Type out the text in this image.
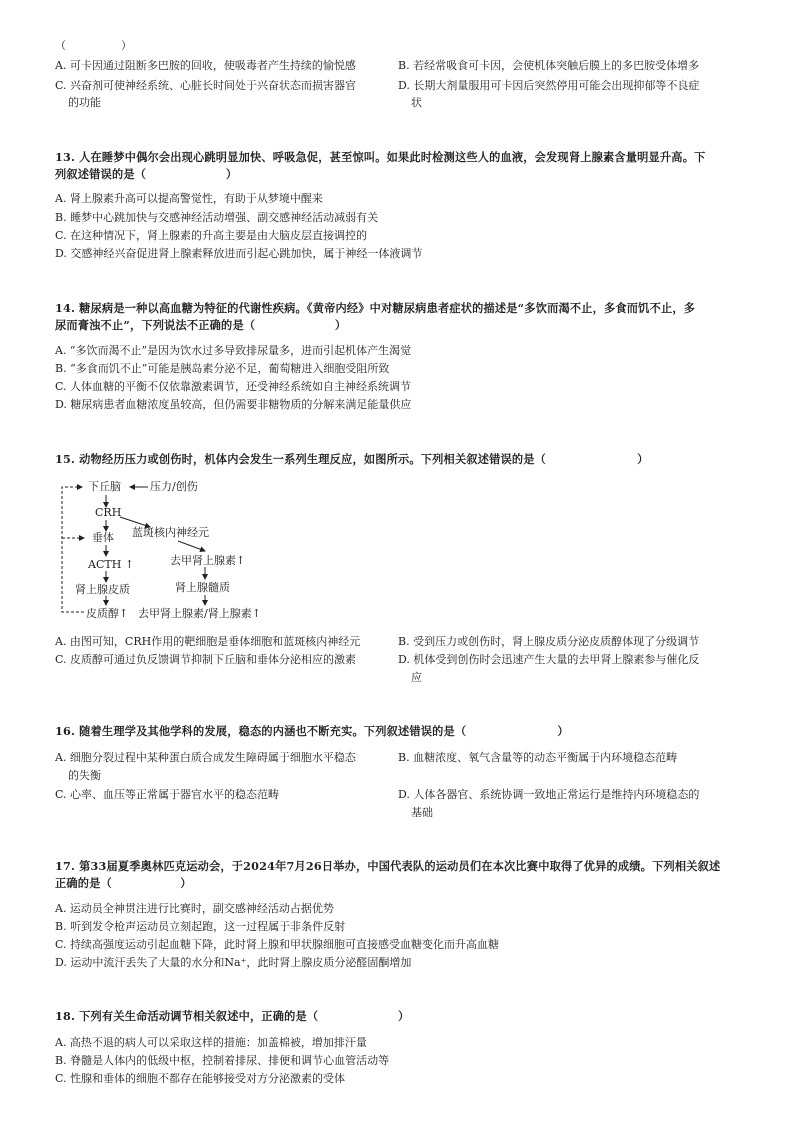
（　　　　　）
A. 可卡因通过阻断多巴胺的回收，使吸毒者产生持续的愉悦感	B. 若经常吸食可卡因，会使机体突触后膜上的多巴胺受体增多
C. 兴奋剂可使神经系统、心脏长时间处于兴奋状态而损害器官
的功能
D. 长期大剂量服用可卡因后突然停用可能会出现抑郁等不良症
状
13. 人在睡梦中偶尔会出现心跳明显加快、呼吸急促，甚至惊叫。如果此时检测这些人的血液，会发现肾上腺素含量明显升高。下
列叙述错误的是（　　　　　　　）
A. 肾上腺素升高可以提高警觉性，有助于从梦境中醒来
B. 睡梦中心跳加快与交感神经活动增强、副交感神经活动减弱有关
C. 在这种情况下，肾上腺素的升高主要是由大脑皮层直接调控的
D. 交感神经兴奋促进肾上腺素释放进而引起心跳加快，属于神经一体液调节
14. 糖尿病是一种以高血糖为特征的代谢性疾病。《黄帝内经》中对糖尿病患者症状的描述是“多饮而渴不止，多食而饥不止，多
尿而膏浊不止”，下列说法不正确的是（　　　　　　　）
A. “多饮而渴不止”是因为饮水过多导致排尿量多，进而引起机体产生渴觉
B. “多食而饥不止”可能是胰岛素分泌不足，葡萄糖进入细胞受阻所致
C. 人体血糖的平衡不仅依靠激素调节，还受神经系统如自主神经系统调节
D. 糖尿病患者血糖浓度虽较高，但仍需要非糖物质的分解来满足能量供应
15. 动物经历压力或创伤时，机体内会发生一系列生理反应，如图所示。下列相关叙述错误的是（　　　　　　　　）
下丘脑	压力/创伤
CRH
蓝斑核内神经元
垂体
去甲肾上腺素↑
ACTH ↑
肾上腺髓质
肾上腺皮质
皮质醇↑ 去甲肾上腺素/肾上腺素↑
A. 由图可知，CRH作用的靶细胞是垂体细胞和蓝斑核内神经元	B. 受到压力或创伤时，肾上腺皮质分泌皮质醇体现了分级调节
C. 皮质醇可通过负反馈调节抑制下丘脑和垂体分泌相应的激素	D. 机体受到创伤时会迅速产生大量的去甲肾上腺素参与催化反
应
16. 随着生理学及其他学科的发展，稳态的内涵也不断充实。下列叙述错误的是（　　　　　　　　）
A. 细胞分裂过程中某种蛋白质合成发生障碍属于细胞水平稳态
的失衡
B. 血糖浓度、氧气含量等的动态平衡属于内环境稳态范畴
C. 心率、血压等正常属于器官水平的稳态范畴	D. 人体各器官、系统协调一致地正常运行是维持内环境稳态的
基础
17. 第33届夏季奥林匹克运动会，于2024年7月26日举办，中国代表队的运动员们在本次比赛中取得了优异的成绩。下列相关叙述
正确的是（　　　　　　）
A. 运动员全神贯注进行比赛时，副交感神经活动占据优势
B. 听到发令枪声运动员立刻起跑，这一过程属于非条件反射
C. 持续高强度运动引起血糖下降，此时肾上腺和甲状腺细胞可直接感受血糖变化而升高血糖
D. 运动中流汗丢失了大量的水分和Na⁺，此时肾上腺皮质分泌醛固酮增加
18. 下列有关生命活动调节相关叙述中，正确的是（　　　　　　　）
A. 高热不退的病人可以采取这样的措施：加盖棉被，增加排汗量
B. 脊髓是人体内的低级中枢，控制着排尿、排便和调节心血管活动等
C. 性腺和垂体的细胞不都存在能够接受对方分泌激素的受体
